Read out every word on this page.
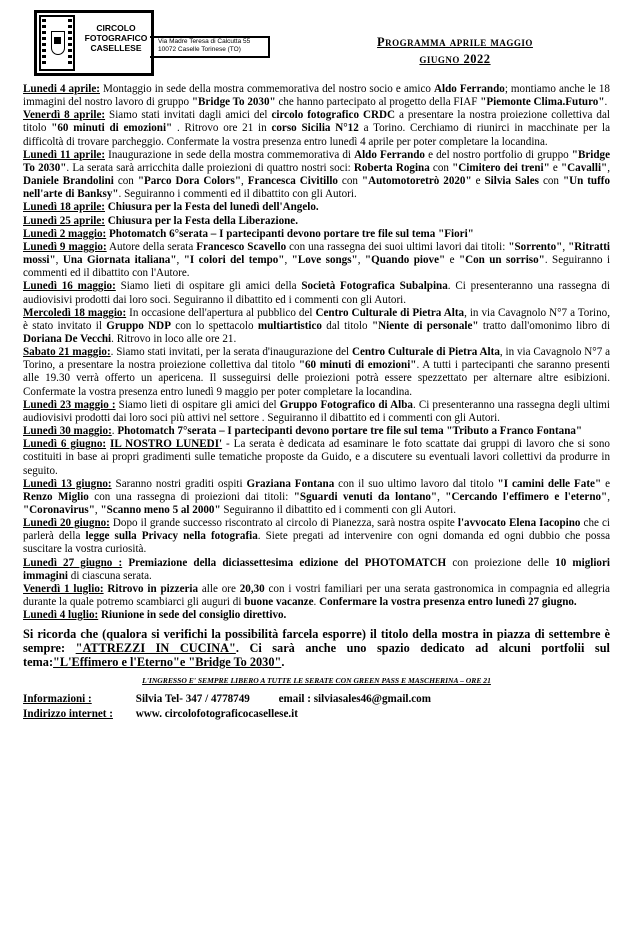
CIRCOLO
FOTOGRAFICO
CASELLESE
Via Madre Teresa di Calcutta 55
10072 Caselle Torinese (TO)
Programma aprile maggio
giugno 2022
Lunedi 4 aprile: Montaggio in sede della mostra commemorativa del nostro socio e amico Aldo Ferrando; montiamo anche le 18 immagini del nostro lavoro di gruppo "Bridge To 2030" che hanno partecipato al progetto della FIAF "Piemonte Clima.Futuro".
Venerdì 8 aprile: Siamo stati invitati dagli amici del circolo fotografico CRDC a presentare la nostra proiezione collettiva dal titolo "60 minuti di emozioni" . Ritrovo ore 21 in corso Sicilia N°12 a Torino. Cerchiamo di riunirci in macchinate per la difficoltà di trovare parcheggio. Confermate la vostra presenza entro lunedì 4 aprile per poter completare la locandina.
Lunedì 11 aprile: Inaugurazione in sede della mostra commemorativa di Aldo Ferrando e del nostro portfolio di gruppo "Bridge To 2030". La serata sarà arricchita dalle proiezioni di quattro nostri soci: Roberta Rogina con "Cimitero dei treni" e "Cavalli", Daniele Brandolini con "Parco Dora Colors", Francesca Civitillo con "Automotoretrò 2020" e Silvia Sales con "Un tuffo nell'arte di Banksy". Seguiranno i commenti ed il dibattito con gli Autori.
Lunedì 18 aprile: Chiusura per la Festa del lunedì dell'Angelo.
Lunedì 25 aprile: Chiusura per la Festa della Liberazione.
Lunedì 2 maggio: Photomatch 6°serata – I partecipanti devono portare tre file sul tema "Fiori"
Lunedì 9 maggio: Autore della serata Francesco Scavello con una rassegna dei suoi ultimi lavori dai titoli: "Sorrento", "Ritratti mossi", Una Giornata italiana", "I colori del tempo", "Love songs", "Quando piove" e "Con un sorriso". Seguiranno i commenti ed il dibattito con l'Autore.
Lunedì 16 maggio: Siamo lieti di ospitare gli amici della Società Fotografica Subalpina. Ci presenteranno una rassegna di audiovisivi prodotti dai loro soci. Seguiranno il dibattito ed i commenti con gli Autori.
Mercoledì 18 maggio: In occasione dell'apertura al pubblico del Centro Culturale di Pietra Alta, in via Cavagnolo N°7 a Torino, è stato invitato il Gruppo NDP con lo spettacolo multiartistico dal titolo "Niente di personale" tratto dall'omonimo libro di Doriana De Vecchi. Ritrovo in loco alle ore 21.
Sabato 21 maggio:. Siamo stati invitati, per la serata d'inaugurazione del Centro Culturale di Pietra Alta, in via Cavagnolo N°7 a Torino, a presentare la nostra proiezione collettiva dal titolo "60 minuti di emozioni". A tutti i partecipanti che saranno presenti alle 19.30 verrà offerto un apericena. Il susseguirsi delle proiezioni potrà essere spezzettato per alternare altre esibizioni. Confermate la vostra presenza entro lunedì 9 maggio per poter completare la locandina.
Lunedì 23 maggio : Siamo lieti di ospitare gli amici del Gruppo Fotografico di Alba. Ci presenteranno una rassegna degli ultimi audiovisivi prodotti dai loro soci più attivi nel settore . Seguiranno il dibattito ed i commenti con gli Autori.
Lunedì 30 maggio:. Photomatch 7°serata – I partecipanti devono portare tre file sul tema "Tributo a Franco Fontana"
Lunedì 6 giugno: IL NOSTRO LUNEDI' - La serata è dedicata ad esaminare le foto scattate dai gruppi di lavoro che si sono costituiti in base ai propri gradimenti sulle tematiche proposte da Guido, e a discutere su eventuali lavori collettivi da produrre in seguito.
Lunedì 13 giugno: Saranno nostri graditi ospiti Graziana Fontana con il suo ultimo lavoro dal titolo "I camini delle Fate" e Renzo Miglio con una rassegna di proiezioni dai titoli: "Sguardi venuti da lontano", "Cercando l'effimero e l'eterno", "Coronavirus", "Scanno meno 5 al 2000" Seguiranno il dibattito ed i commenti con gli Autori.
Lunedì 20 giugno: Dopo il grande successo riscontrato al circolo di Pianezza, sarà nostra ospite l'avvocato Elena Iacopino che ci parlerà della legge sulla Privacy nella fotografia. Siete pregati ad intervenire con ogni domanda ed ogni dubbio che possa suscitare la vostra curiosità.
Lunedì 27 giugno : Premiazione della diciassettesima edizione del PHOTOMATCH con proiezione delle 10 migliori immagini di ciascuna serata.
Venerdì 1 luglio: Ritrovo in pizzeria alle ore 20,30 con i vostri familiari per una serata gastronomica in compagnia ed allegria durante la quale potremo scambiarci gli auguri di buone vacanze. Confermare la vostra presenza entro lunedì 27 giugno.
Lunedì 4 luglio: Riunione in sede del consiglio direttivo.
Si ricorda che (qualora si verifichi la possibilità farcela esporre) il titolo della mostra in piazza di settembre è sempre: "ATTREZZI IN CUCINA". Ci sarà anche uno spazio dedicato ad alcuni portfolii sul tema:"L'Effimero e l'Eterno"e "Bridge To 2030".
L'INGRESSO E' SEMPRE LIBERO A TUTTE LE SERATE CON GREEN PASS E MASCHERINA – ORE 21
Informazioni :	Silvia Tel- 347 / 4778749	email : silviasales46@gmail.com
Indirizzo internet : www. circolofotograficocasellese.it
